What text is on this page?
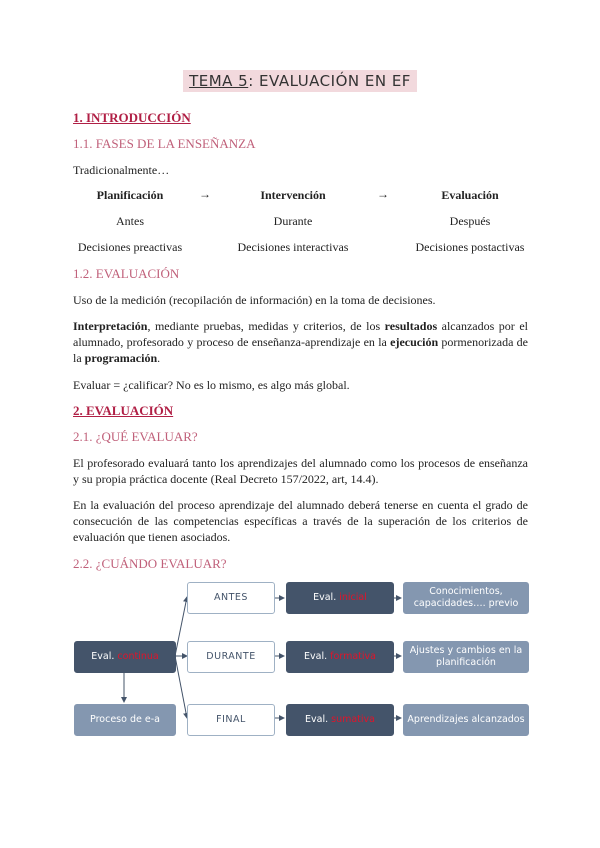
TEMA 5: EVALUACIÓN EN EF
1. INTRODUCCIÓN
1.1. FASES DE LA ENSEÑANZA
Tradicionalmente…
Planificación	→	Intervención	→	Evaluación
Antes	Durante	Después
Decisiones preactivas	Decisiones interactivas	Decisiones postactivas
1.2. EVALUACIÓN
Uso de la medición (recopilación de información) en la toma de decisiones.
Interpretación, mediante pruebas, medidas y criterios, de los resultados alcanzados por el alumnado, profesorado y proceso de enseñanza-aprendizaje en la ejecución pormenorizada de la programación.
Evaluar = ¿calificar? No es lo mismo, es algo más global.
2. EVALUACIÓN
2.1. ¿QUÉ EVALUAR?
El profesorado evaluará tanto los aprendizajes del alumnado como los procesos de enseñanza y su propia práctica docente (Real Decreto 157/2022, art, 14.4).
En la evaluación del proceso aprendizaje del alumnado deberá tenerse en cuenta el grado de consecución de las competencias específicas a través de la superación de los criterios de evaluación que tienen asociados.
2.2. ¿CUÁNDO EVALUAR?
Eval.
continua
Proceso de e-a
ANTES
DURANTE
FINAL
Eval.
inicial
Eval.
formativa
Eval.
sumativa
Conocimientos, capacidades…. previo
Ajustes y cambios en la planificación
Aprendizajes alcanzados
